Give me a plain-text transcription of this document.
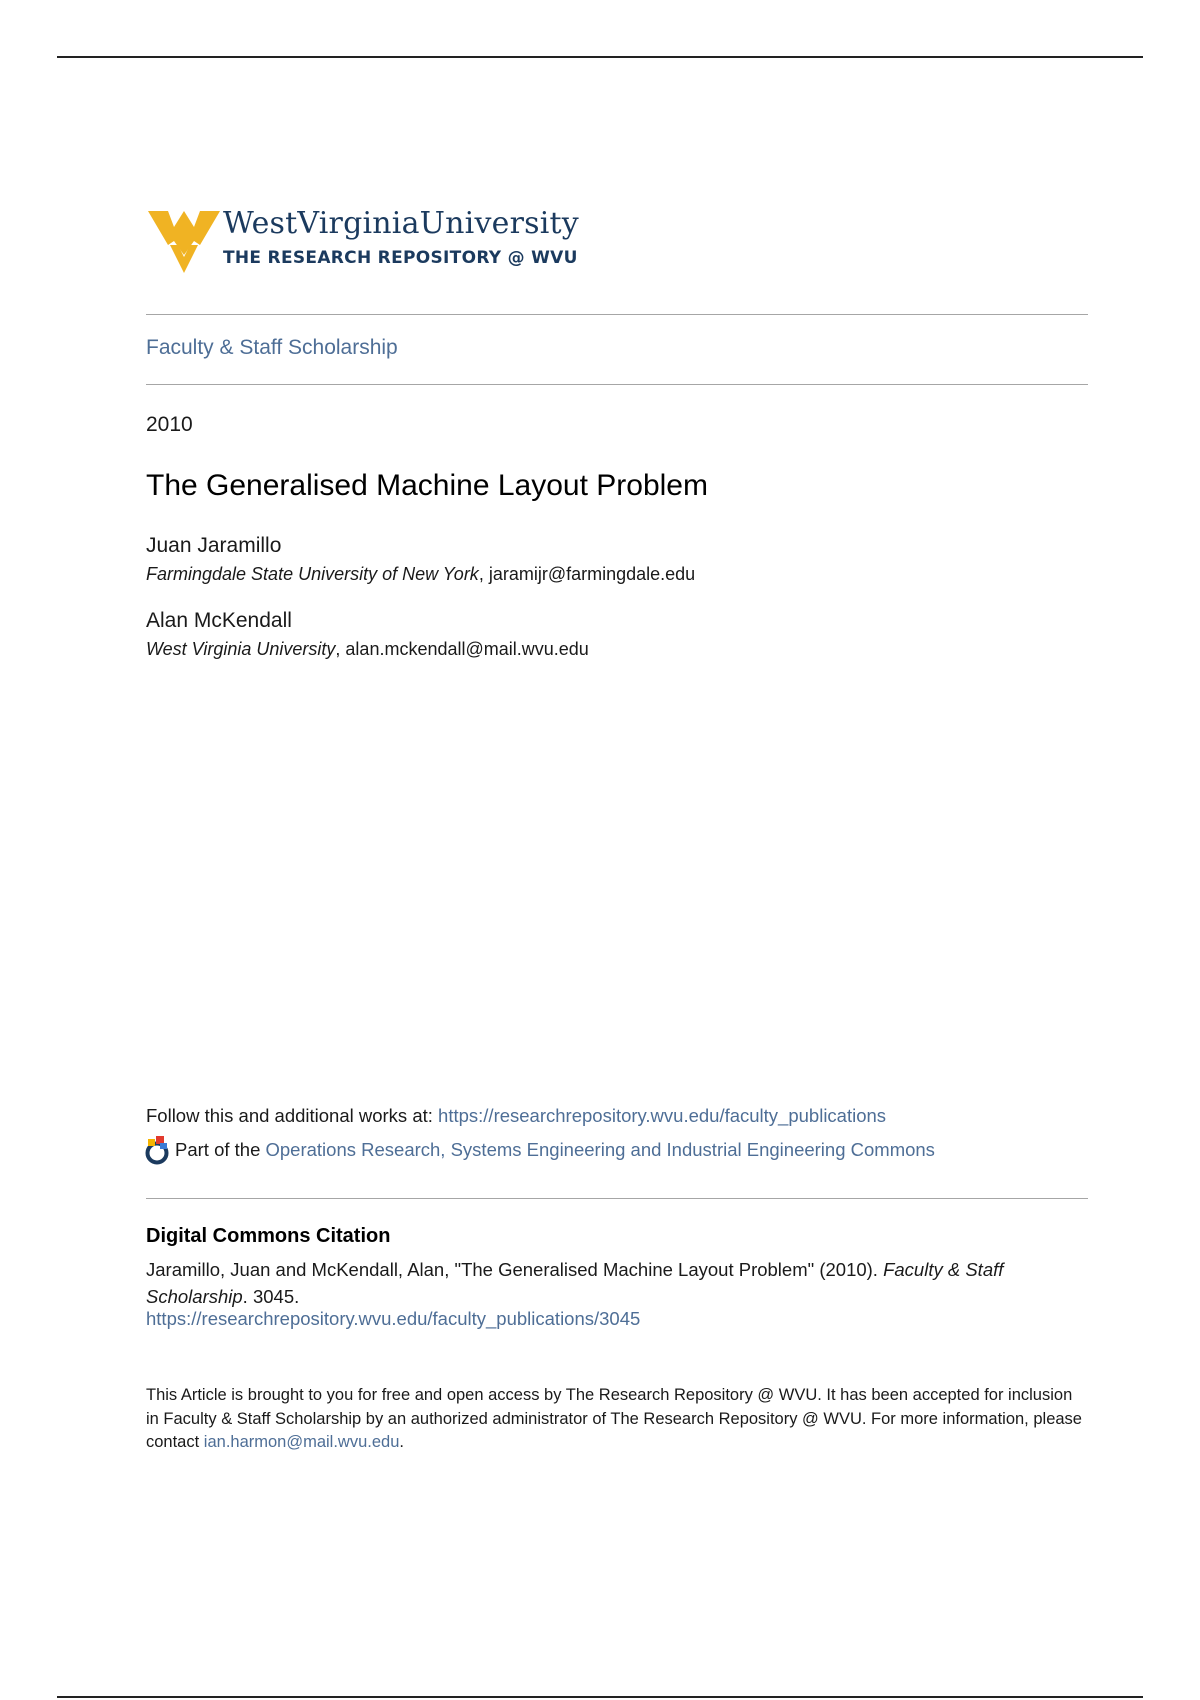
WestVirginiaUniversity
THE RESEARCH REPOSITORY @ WVU
Faculty & Staff Scholarship
2010
The Generalised Machine Layout Problem
Juan Jaramillo
Farmingdale State University of New York, jaramijr@farmingdale.edu
Alan McKendall
West Virginia University, alan.mckendall@mail.wvu.edu
Follow this and additional works at: https://researchrepository.wvu.edu/faculty_publications
Part of the Operations Research, Systems Engineering and Industrial Engineering Commons
Digital Commons Citation
Jaramillo, Juan and McKendall, Alan, "The Generalised Machine Layout Problem" (2010). Faculty & Staff Scholarship. 3045.
https://researchrepository.wvu.edu/faculty_publications/3045
This Article is brought to you for free and open access by The Research Repository @ WVU. It has been accepted for inclusion in Faculty & Staff Scholarship by an authorized administrator of The Research Repository @ WVU. For more information, please contact ian.harmon@mail.wvu.edu.
